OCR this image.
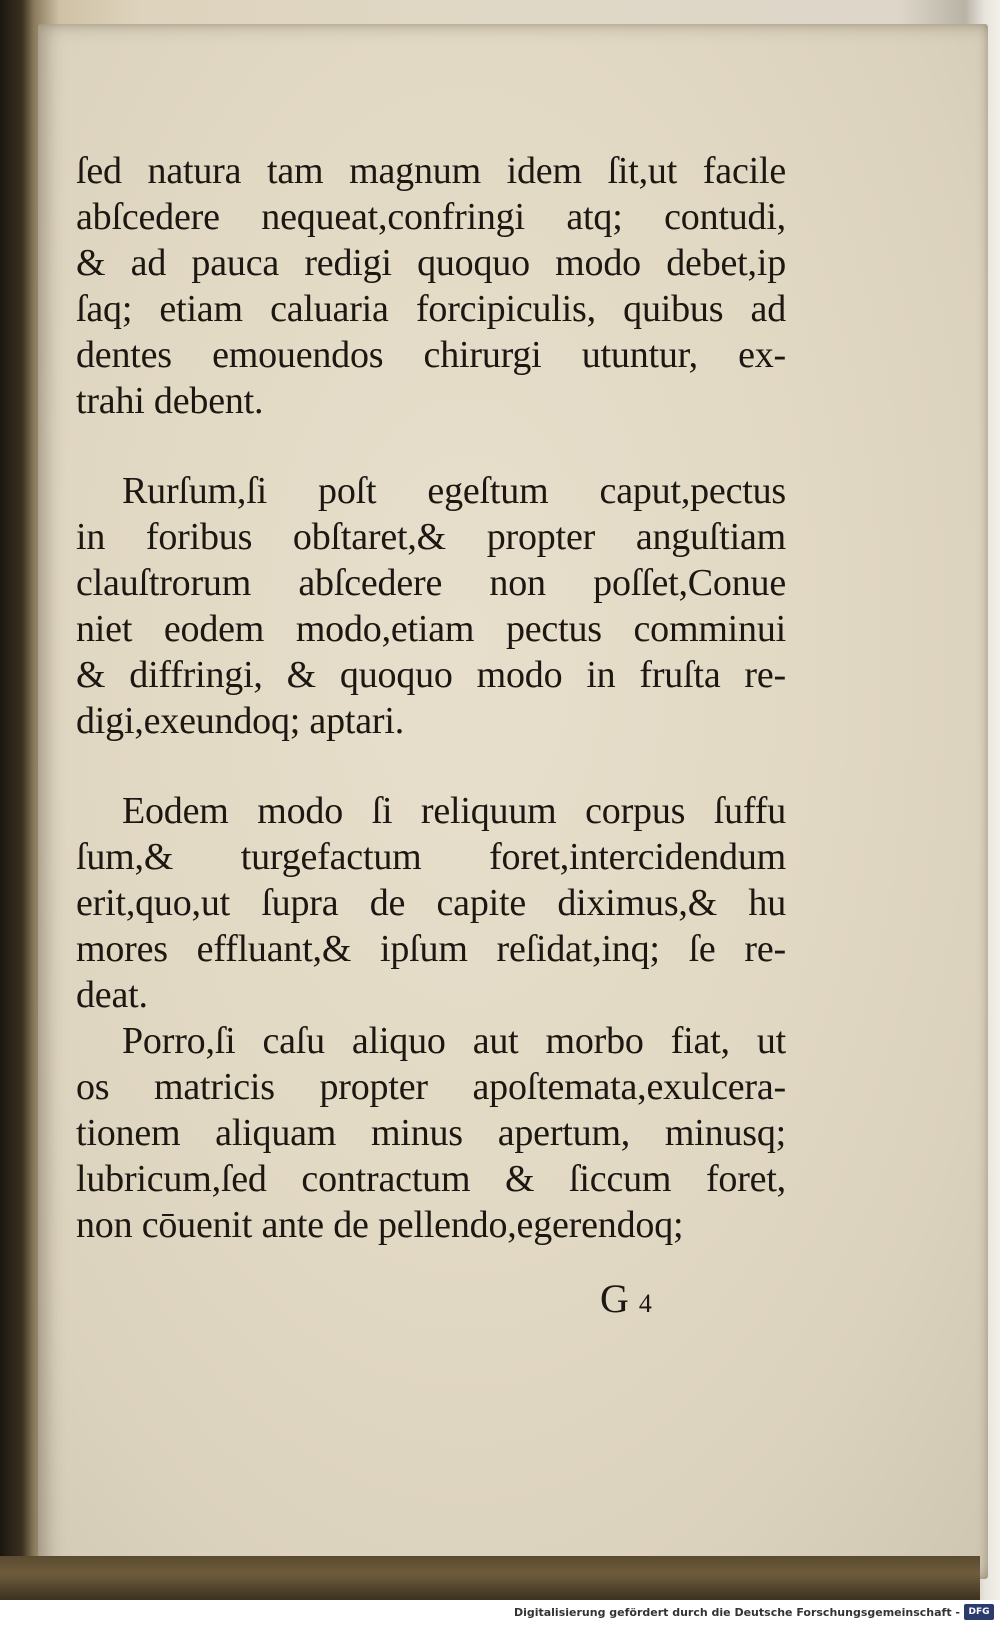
ſed natura tam magnum idem ſit,ut facile
abſcedere nequeat,confringi atq; contudi,
& ad pauca redigi quoquo modo debet,ip
ſaq; etiam caluaria forcipiculis, quibus ad
dentes emouendos chirurgi utuntur, ex-
trahi debent.
Rurſum,ſi poſt egeſtum caput,pectus
in foribus obſtaret,& propter anguſtiam
clauſtrorum abſcedere non poſſet,Conue
niet eodem modo,etiam pectus comminui
& diffringi, & quoquo modo in fruſta re-
digi,exeundoq; aptari.
Eodem modo ſi reliquum corpus ſuffu
ſum,& turgefactum foret,intercidendum
erit,quo,ut ſupra de capite diximus,& hu
mores effluant,& ipſum reſidat,inq; ſe re-
deat.
Porro,ſi caſu aliquo aut morbo fiat, ut
os matricis propter apoſtemata,exulcera-
tionem aliquam minus apertum, minusq;
lubricum,ſed contractum & ſiccum foret,
non cōuenit ante de pellendo,egerendoq;
G 4
Digitalisierung gefördert durch die Deutsche Forschungsgemeinschaft - DFG
